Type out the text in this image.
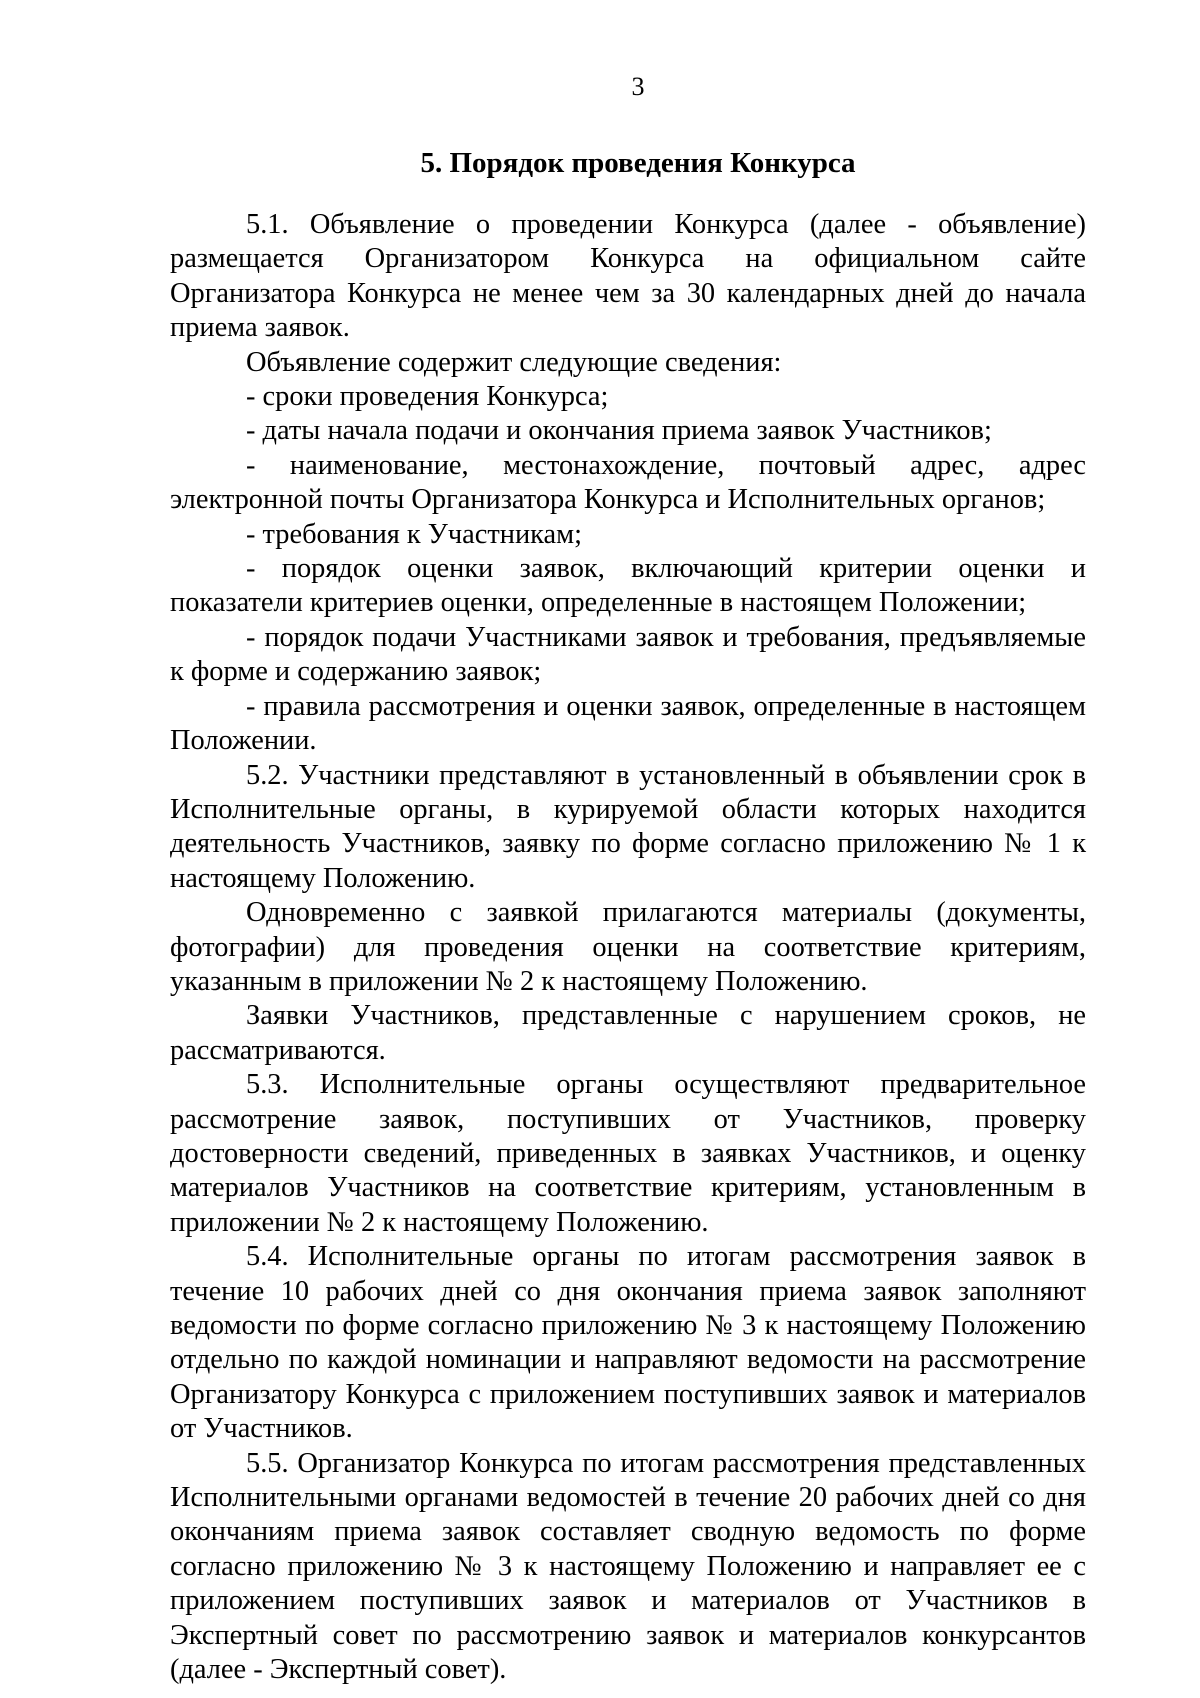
3
5. Порядок проведения Конкурса

5.1. Объявление о проведении Конкурса (далее - объявление) размещается Организатором Конкурса на официальном сайте Организатора Конкурса не менее чем за 30 календарных дней до начала приема заявок.

Объявление содержит следующие сведения:

- сроки проведения Конкурса;

- даты начала подачи и окончания приема заявок Участников;

- наименование, местонахождение, почтовый адрес, адрес электронной почты Организатора Конкурса и Исполнительных органов;

- требования к Участникам;

- порядок оценки заявок, включающий критерии оценки и показатели критериев оценки, определенные в настоящем Положении;

- порядок подачи Участниками заявок и требования, предъявляемые к форме и содержанию заявок;

- правила рассмотрения и оценки заявок, определенные в настоящем Положении.

5.2. Участники представляют в установленный в объявлении срок в Исполнительные органы, в курируемой области которых находится деятельность Участников, заявку по форме согласно приложению № 1 к настоящему Положению.

Одновременно с заявкой прилагаются материалы (документы, фотографии) для проведения оценки на соответствие критериям, указанным в приложении № 2 к настоящему Положению.

Заявки Участников, представленные с нарушением сроков, не рассматриваются.

5.3. Исполнительные органы осуществляют предварительное рассмотрение заявок, поступивших от Участников, проверку достоверности сведений, приведенных в заявках Участников, и оценку материалов Участников на соответствие критериям, установленным в приложении № 2 к настоящему Положению.

5.4. Исполнительные органы по итогам рассмотрения заявок в течение 10 рабочих дней со дня окончания приема заявок заполняют ведомости по форме согласно приложению № 3 к настоящему Положению отдельно по каждой номинации и направляют ведомости на рассмотрение Организатору Конкурса с приложением поступивших заявок и материалов от Участников.

5.5. Организатор Конкурса по итогам рассмотрения представленных Исполнительными органами ведомостей в течение 20 рабочих дней со дня окончаниям приема заявок составляет сводную ведомость по форме согласно приложению № 3 к настоящему Положению и направляет ее с приложением поступивших заявок и материалов от Участников в Экспертный совет по рассмотрению заявок и материалов конкурсантов (далее - Экспертный совет).
